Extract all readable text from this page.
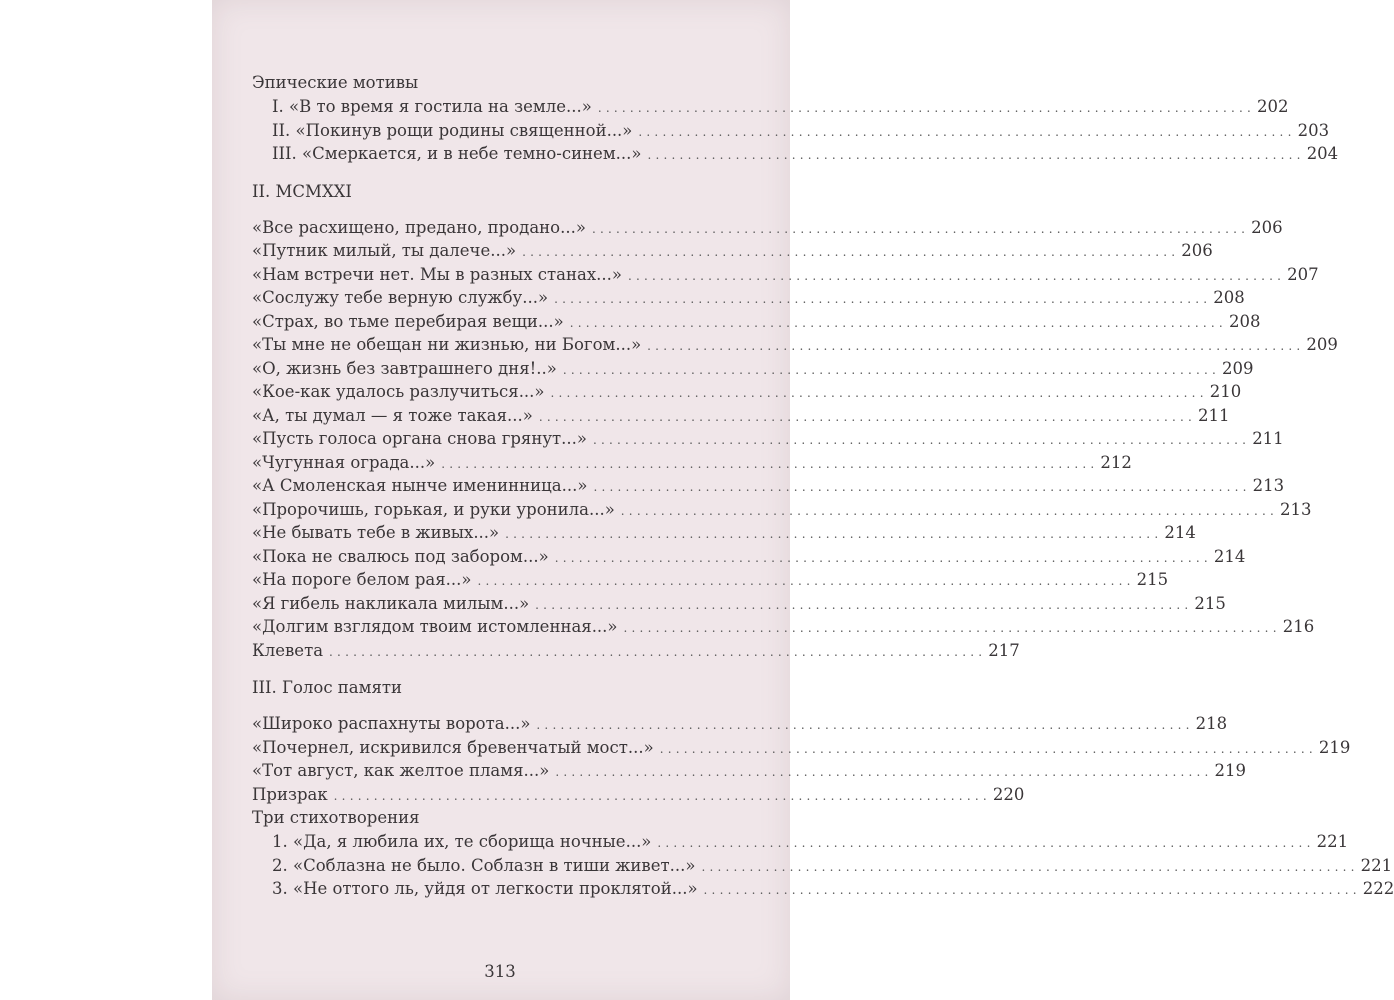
Эпические мотивы
I. «В то время я гостила на земле...» .................................................................................. 202
II. «Покинув рощи родины священной...» .................................................................................. 203
III. «Смеркается, и в небе темно-синем...» .................................................................................. 204
II. MCMXXI
«Все расхищено, предано, продано...» .................................................................................. 206
«Путник милый, ты далече...» .................................................................................. 206
«Нам встречи нет. Мы в разных станах...» .................................................................................. 207
«Сослужу тебе верную службу...» .................................................................................. 208
«Страх, во тьме перебирая вещи...» .................................................................................. 208
«Ты мне не обещан ни жизнью, ни Богом...» .................................................................................. 209
«О, жизнь без завтрашнего дня!..» .................................................................................. 209
«Кое-как удалось разлучиться...» .................................................................................. 210
«А, ты думал — я тоже такая...» .................................................................................. 211
«Пусть голоса органа снова грянут...» .................................................................................. 211
«Чугунная ограда...» .................................................................................. 212
«А Смоленская нынче именинница...» .................................................................................. 213
«Пророчишь, горькая, и руки уронила...» .................................................................................. 213
«Не бывать тебе в живых...» .................................................................................. 214
«Пока не свалюсь под забором...» .................................................................................. 214
«На пороге белом рая...» .................................................................................. 215
«Я гибель накликала милым...» .................................................................................. 215
«Долгим взглядом твоим истомленная...» .................................................................................. 216
Клевета .................................................................................. 217
III. Голос памяти
«Широко распахнуты ворота...» .................................................................................. 218
«Почернел, искривился бревенчатый мост...» .................................................................................. 219
«Тот август, как желтое пламя...» .................................................................................. 219
Призрак .................................................................................. 220
Три стихотворения
1. «Да, я любила их, те сборища ночные...» .................................................................................. 221
2. «Соблазна не было. Соблазн в тиши живет...» .................................................................................. 221
3. «Не оттого ль, уйдя от легкости проклятой...» .................................................................................. 222
313
